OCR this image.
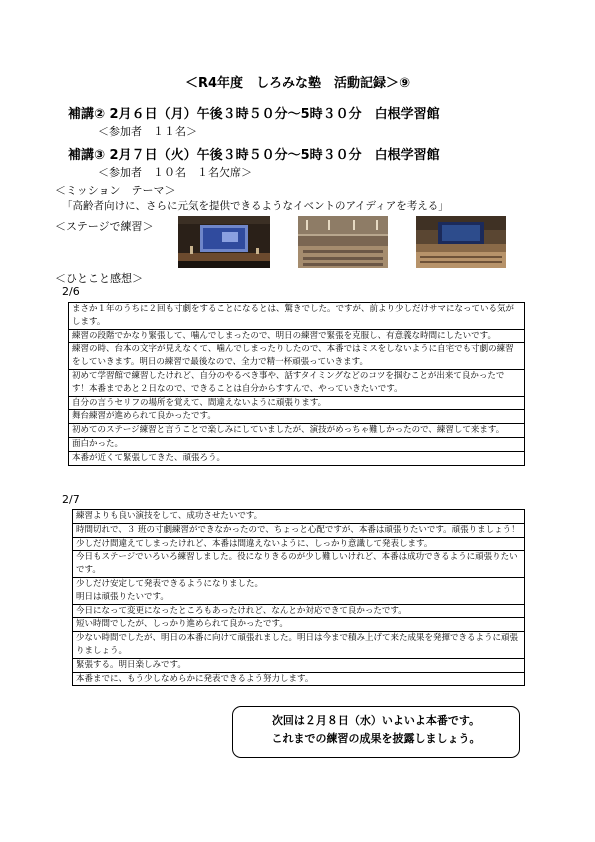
＜R4年度　しろみな塾　活動記録＞⑨
補講② 2月６日（月）午後３時５０分～5時３０分　白根学習館
＜参加者　１１名＞
補講③ 2月７日（火）午後３時５０分～5時３０分　白根学習館
＜参加者　１０名　１名欠席＞
＜ミッション　テーマ＞
「高齢者向けに、さらに元気を提供できるようなイベントのアイディアを考える」
＜ステージで練習＞
＜ひとこと感想＞
2/6
まさか１年のうちに２回も寸劇をすることになるとは、驚きでした。ですが、前より少しだけサマになっている気がします。
練習の段階でかなり緊張して、噛んでしまったので、明日の練習で緊張を克服し、有意義な時間にしたいです。
練習の時、台本の文字が見えなくて、噛んでしまったりしたので、本番ではミスをしないように自宅でも寸劇の練習をしていきます。明日の練習で最後なので、全力で精一杯頑張っていきます。
初めて学習館で練習したけれど、自分のやるべき事や、話すタイミングなどのコツを掴むことが出来て良かったです！本番まであと２日なので、できることは自分からすすんで、やっていきたいです。
自分の言うセリフの場所を覚えて、間違えないように頑張ります。
舞台練習が進められて良かったです。
初めてのステージ練習と言うことで楽しみにしていましたが、演技がめっちゃ難しかったので、練習して来ます。
面白かった。
本番が近くて緊張してきた、頑張ろう。
2/7
練習よりも良い演技をして、成功させたいです。
時間切れで、３ 班の寸劇練習ができなかったので、ちょっと心配ですが、本番は頑張りたいです。頑張りましょう！
少しだけ間違えてしまったけれど、本番は間違えないように、しっかり意識して発表します。
今日もステージでいろいろ練習しました。役になりきるのが少し難しいけれど、本番は成功できるように頑張りたいです。
少しだけ安定して発表できるようになりました。
明日は頑張りたいです。
今日になって変更になったところもあったけれど、なんとか対応できて良かったです。
短い時間でしたが、しっかり進められて良かったです。
少ない時間でしたが、明日の本番に向けて頑張れました。明日は今まで積み上げて来た成果を発揮できるように頑張りましょう。
緊張する。明日楽しみです。
本番までに、もう少しなめらかに発表できるよう努力します。
次回は２月８日（水）いよいよ本番です。
これまでの練習の成果を披露しましょう。
